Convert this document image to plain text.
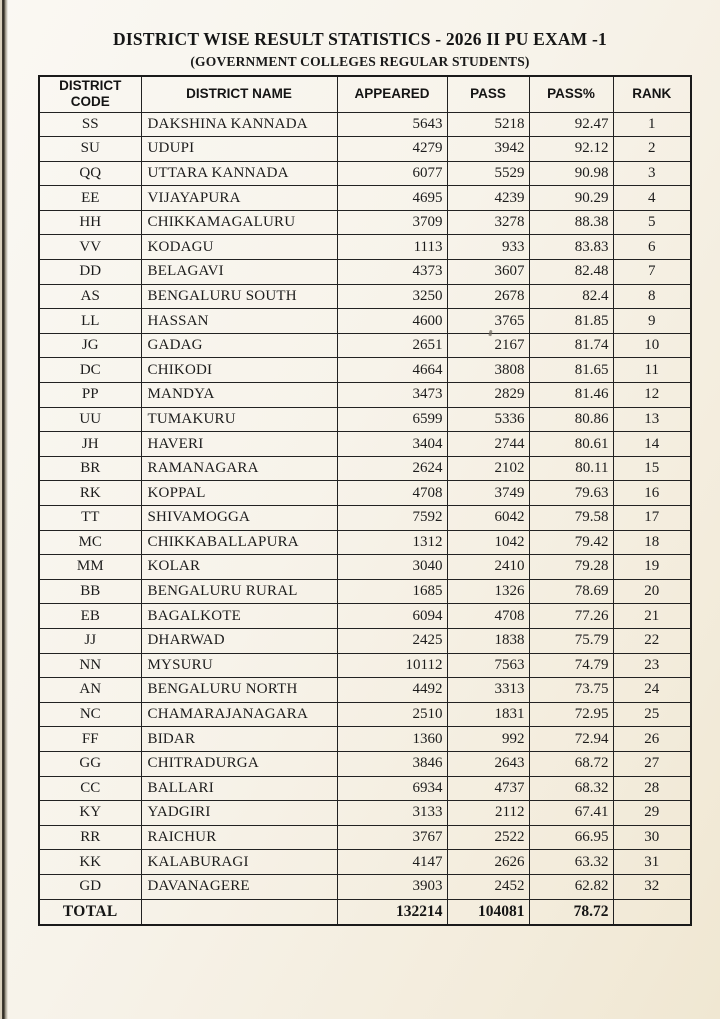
DISTRICT WISE RESULT STATISTICS - 2026 II PU EXAM -1
(GOVERNMENT COLLEGES REGULAR STUDENTS)
DISTRICT CODE	DISTRICT NAME	APPEARED	PASS	PASS%	RANK
SS	DAKSHINA KANNADA	5643	5218	92.47	1
SU	UDUPI	4279	3942	92.12	2
QQ	UTTARA KANNADA	6077	5529	90.98	3
EE	VIJAYAPURA	4695	4239	90.29	4
HH	CHIKKAMAGALURU	3709	3278	88.38	5
VV	KODAGU	1113	933	83.83	6
DD	BELAGAVI	4373	3607	82.48	7
AS	BENGALURU SOUTH	3250	2678	82.4	8
LL	HASSAN	4600	3765	81.85	9
JG	GADAG	2651	2167	81.74	10
DC	CHIKODI	4664	3808	81.65	11
PP	MANDYA	3473	2829	81.46	12
UU	TUMAKURU	6599	5336	80.86	13
JH	HAVERI	3404	2744	80.61	14
BR	RAMANAGARA	2624	2102	80.11	15
RK	KOPPAL	4708	3749	79.63	16
TT	SHIVAMOGGA	7592	6042	79.58	17
MC	CHIKKABALLAPURA	1312	1042	79.42	18
MM	KOLAR	3040	2410	79.28	19
BB	BENGALURU RURAL	1685	1326	78.69	20
EB	BAGALKOTE	6094	4708	77.26	21
JJ	DHARWAD	2425	1838	75.79	22
NN	MYSURU	10112	7563	74.79	23
AN	BENGALURU NORTH	4492	3313	73.75	24
NC	CHAMARAJANAGARA	2510	1831	72.95	25
FF	BIDAR	1360	992	72.94	26
GG	CHITRADURGA	3846	2643	68.72	27
CC	BALLARI	6934	4737	68.32	28
KY	YADGIRI	3133	2112	67.41	29
RR	RAICHUR	3767	2522	66.95	30
KK	KALABURAGI	4147	2626	63.32	31
GD	DAVANAGERE	3903	2452	62.82	32
TOTAL		132214	104081	78.72	
